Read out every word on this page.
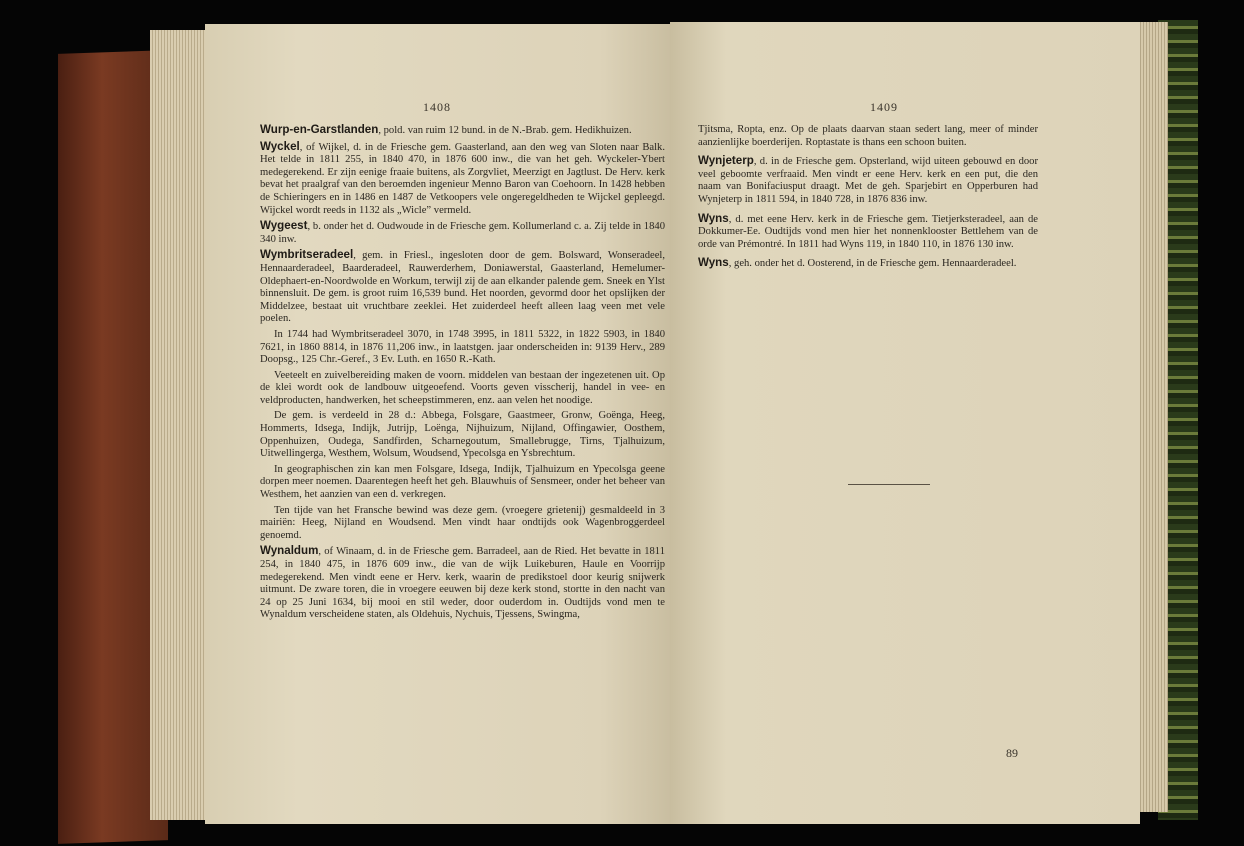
1408

Wurp-en-Garstlanden, pold. van ruim 12 bund. in de N.-Brab. gem. Hedikhuizen.

Wyckel, of Wijkel, d. in de Friesche gem. Gaasterland, aan den weg van Sloten naar Balk. Het telde in 1811 255, in 1840 470, in 1876 600 inw., die van het geh. Wyckeler-Ybert medegerekend. Er zijn eenige fraaie buitens, als Zorgvliet, Meerzigt en Jagtlust. De Herv. kerk bevat het praalgraf van den beroemden ingenieur Menno Baron van Coehoorn. In 1428 hebben de Schieringers en in 1486 en 1487 de Vetkoopers vele ongeregeldheden te Wijckel gepleegd. Wijckel wordt reeds in 1132 als „Wicle” vermeld.

Wygeest, b. onder het d. Oudwoude in de Friesche gem. Kollumerland c. a. Zij telde in 1840 340 inw.

Wymbritseradeel, gem. in Friesl., ingesloten door de gem. Bolsward, Wonseradeel, Hennaarderadeel, Baarderadeel, Rauwerderhem, Doniawerstal, Gaasterland, Hemelumer-Oldephaert-en-Noordwolde en Workum, terwijl zij de aan elkander palende gem. Sneek en Ylst binnensluit. De gem. is groot ruim 16,539 bund. Het noorden, gevormd door het opslijken der Middelzee, bestaat uit vruchtbare zeeklei. Het zuiderdeel heeft alleen laag veen met vele poelen.

In 1744 had Wymbritseradeel 3070, in 1748 3995, in 1811 5322, in 1822 5903, in 1840 7621, in 1860 8814, in 1876 11,206 inw., in laatstgen. jaar onderscheiden in: 9139 Herv., 289 Doopsg., 125 Chr.-Geref., 3 Ev. Luth. en 1650 R.-Kath.

Veeteelt en zuivelbereiding maken de voorn. middelen van bestaan der ingezetenen uit. Op de klei wordt ook de landbouw uitgeoefend. Voorts geven visscherij, handel in vee- en veldproducten, handwerken, het scheepstimmeren, enz. aan velen het noodige.

De gem. is verdeeld in 28 d.: Abbega, Folsgare, Gaastmeer, Gronw, Goënga, Heeg, Hommerts, Idsega, Indijk, Jutrijp, Loënga, Nijhuizum, Nijland, Offingawier, Oosthem, Oppenhuizen, Oudega, Sandfirden, Scharnegoutum, Smallebrugge, Tirns, Tjalhuizum, Uitwellingerga, Westhem, Wolsum, Woudsend, Ypecolsga en Ysbrechtum.

In geographischen zin kan men Folsgare, Idsega, Indijk, Tjalhuizum en Ypecolsga geene dorpen meer noemen. Daarentegen heeft het geh. Blauwhuis of Sensmeer, onder het beheer van Westhem, het aanzien van een d. verkregen.

Ten tijde van het Fransche bewind was deze gem. (vroegere grietenij) gesmaldeeld in 3 mairiën: Heeg, Nijland en Woudsend. Men vindt haar ondtijds ook Wagenbroggerdeel genoemd.

Wynaldum, of Winaam, d. in de Friesche gem. Barradeel, aan de Ried. Het bevatte in 1811 254, in 1840 475, in 1876 609 inw., die van de wijk Luikeburen, Haule en Voorrijp medegerekend. Men vindt eene er Herv. kerk, waarin de predikstoel door keurig snijwerk uitmunt. De zware toren, die in vroegere eeuwen bij deze kerk stond, stortte in den nacht van 24 op 25 Juni 1634, bij mooi en stil weder, door ouderdom in. Oudtijds vond men te Wynaldum verscheidene staten, als Oldehuis, Nychuis, Tjessens, Swingma,

1409

Tjitsma, Ropta, enz. Op de plaats daarvan staan sedert lang, meer of minder aanzienlijke boerderijen. Roptastate is thans een schoon buiten.

Wynjeterp, d. in de Friesche gem. Opsterland, wijd uiteen gebouwd en door veel geboomte verfraaid. Men vindt er eene Herv. kerk en een put, die den naam van Bonifaciusput draagt. Met de geh. Sparjebirt en Opperburen had Wynjeterp in 1811 594, in 1840 728, in 1876 836 inw.

Wyns, d. met eene Herv. kerk in de Friesche gem. Tietjerksteradeel, aan de Dokkumer-Ee. Oudtijds vond men hier het nonnenklooster Bettlehem van de orde van Prémontré. In 1811 had Wyns 119, in 1840 110, in 1876 130 inw.

Wyns, geh. onder het d. Oosterend, in de Friesche gem. Hennaarderadeel.

89
